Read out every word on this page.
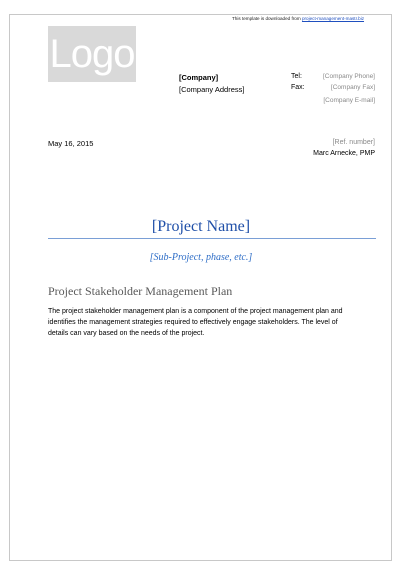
This template is downloaded from project-management-mastr.biz
Logo
[Company]
[Company Address]
Tel:	[Company Phone]
Fax:	[Company Fax]
[Company E-mail]
May 16, 2015	[Ref. number]
Marc Arnecke, PMP
[Project Name]
[Sub-Project, phase, etc.]
Project Stakeholder Management Plan
The project stakeholder management plan is a component of the project management plan and
identifies the management strategies required to effectively engage stakeholders. The level of
details can vary based on the needs of the project.
